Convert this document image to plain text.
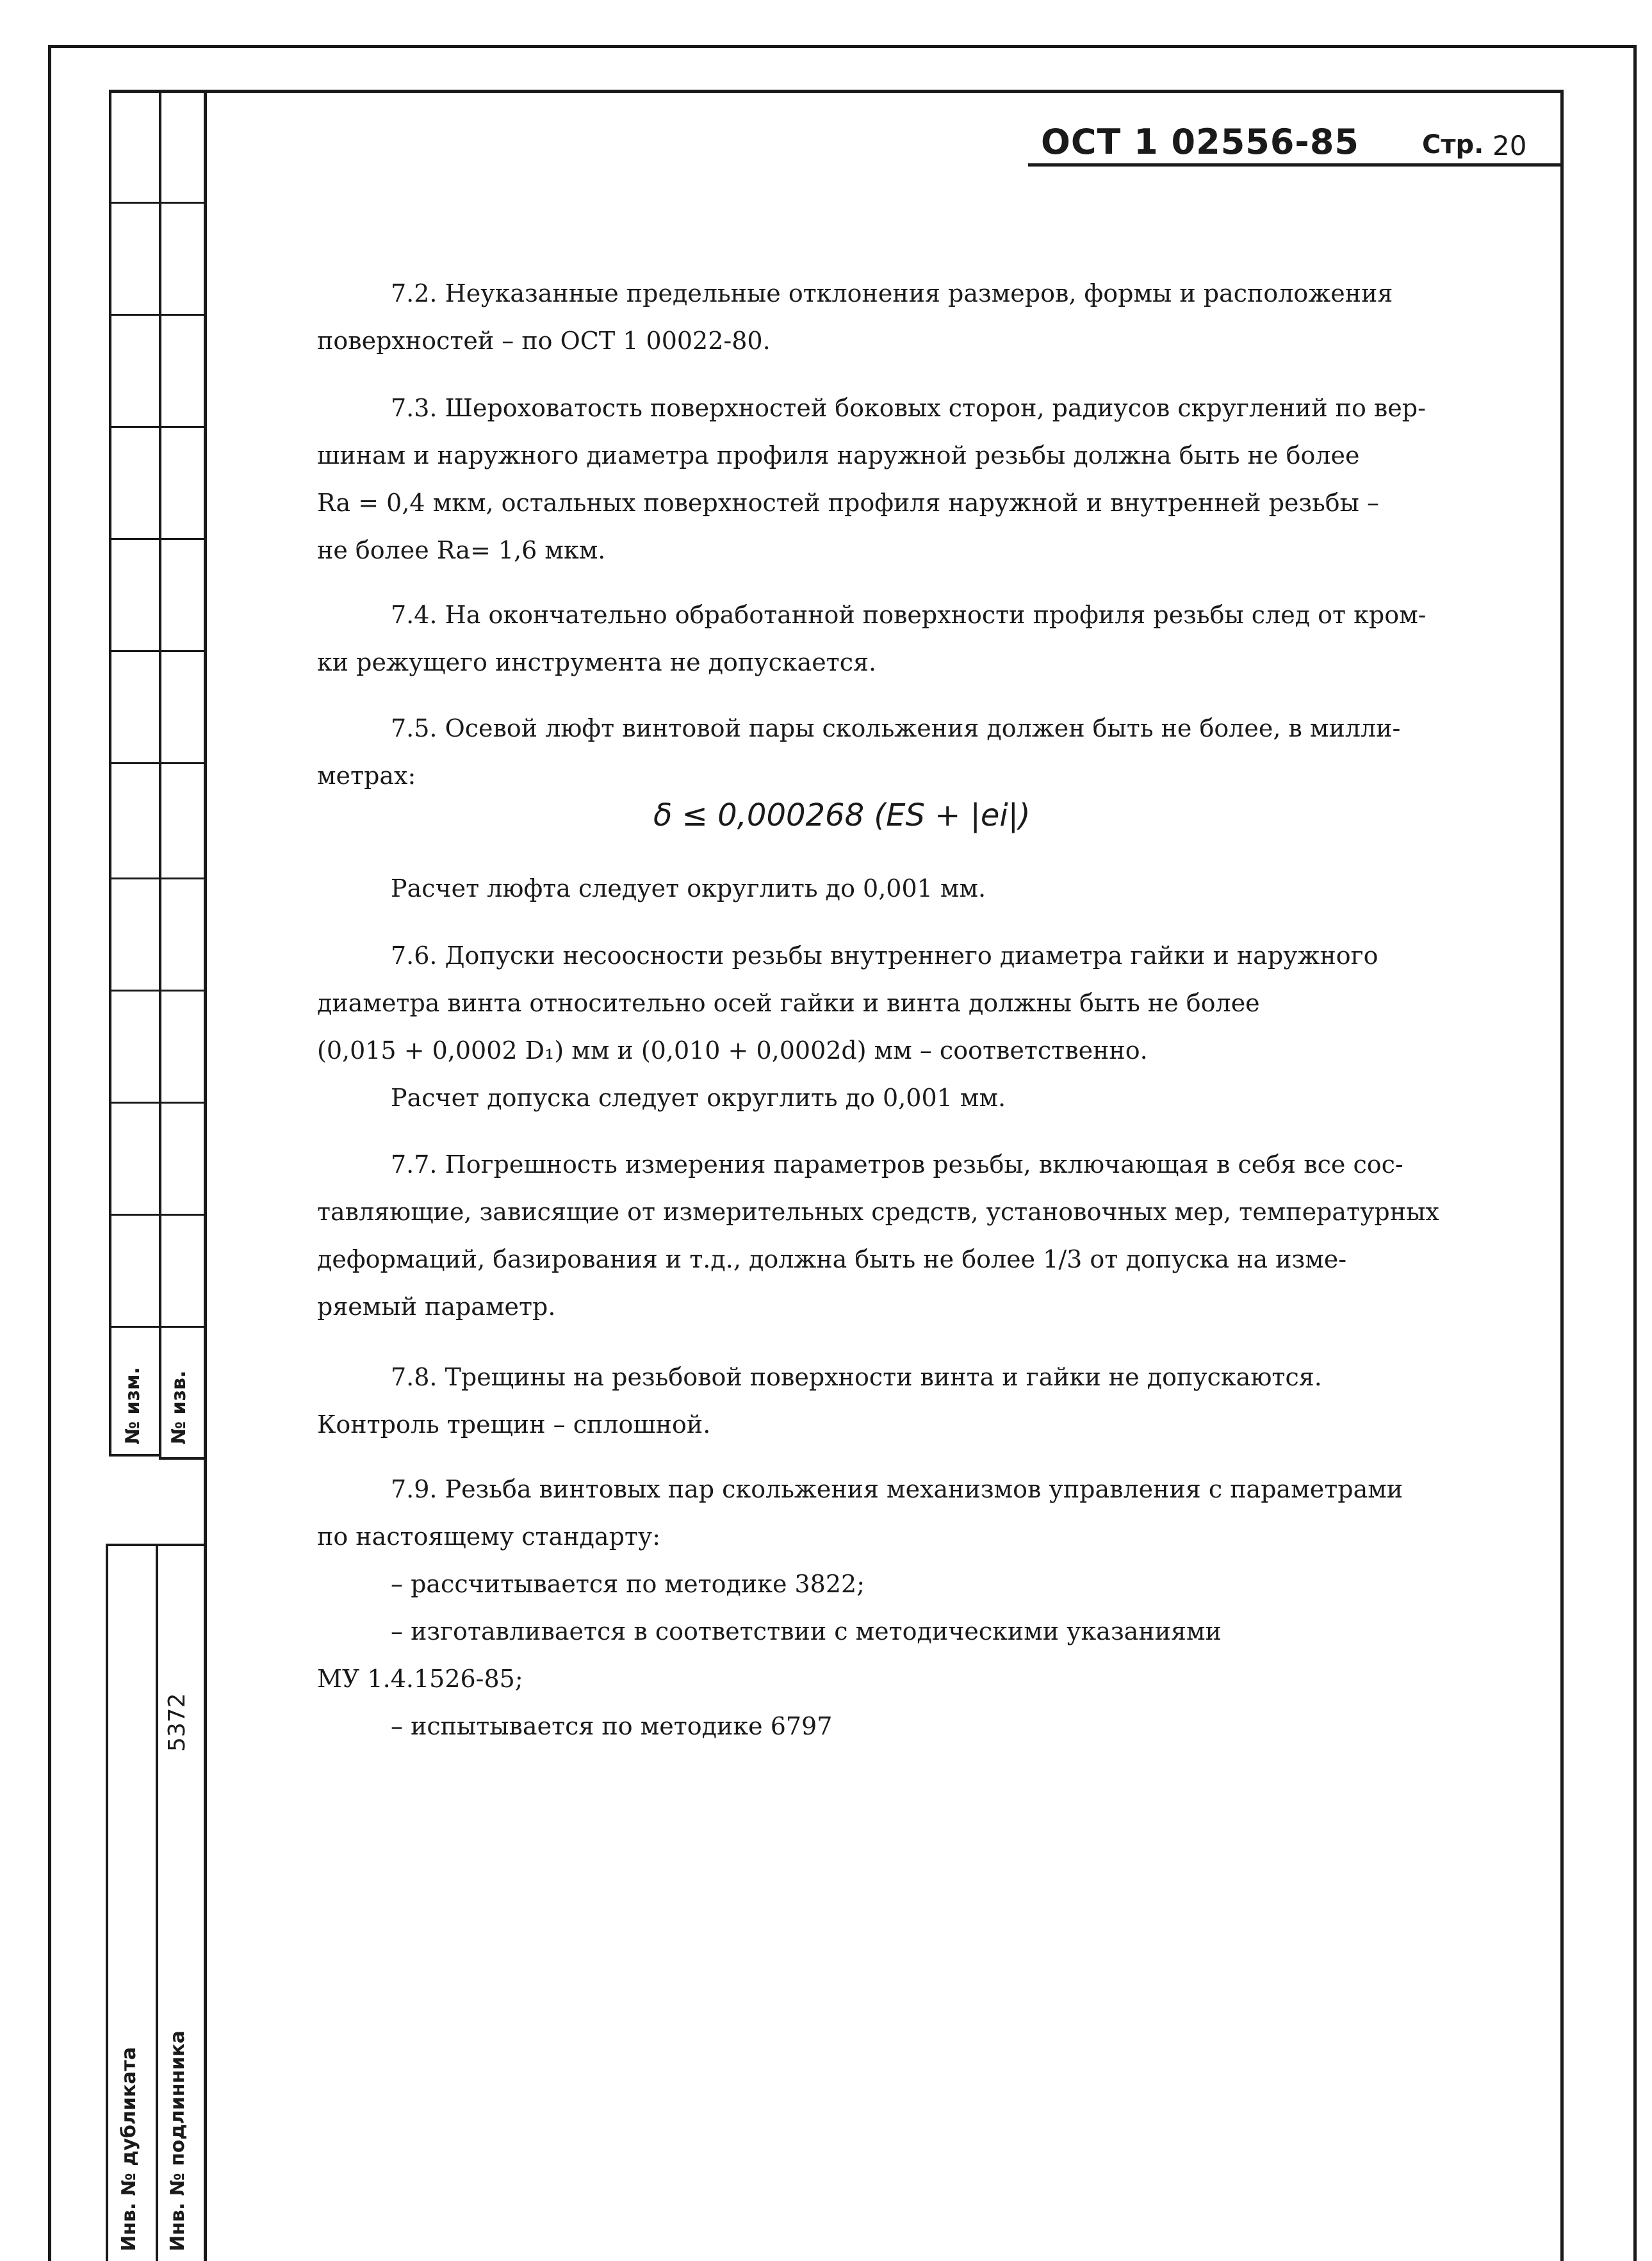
№ изм. № изв.
5372
Инв. № дубликата Инв. № подлинника
ОСТ 1 02556-85 Стр. 20
7.2. Неуказанные предельные отклонения размеров, формы и расположения
поверхностей – по ОСТ 1 00022-80.
7.3. Шероховатость поверхностей боковых сторон, радиусов скруглений по вер-
шинам и наружного диаметра профиля наружной резьбы должна быть не более
Ra = 0,4 мкм, остальных поверхностей профиля наружной и внутренней резьбы –
не более Ra= 1,6 мкм.
7.4. На окончательно обработанной поверхности профиля резьбы след от кром-
ки режущего инструмента не допускается.
7.5. Осевой люфт винтовой пары скольжения должен быть не более, в милли-
метрах:
δ ≤ 0,000268 (ES + |ei|)
Расчет люфта следует округлить до 0,001 мм.
7.6. Допуски несоосности резьбы внутреннего диаметра гайки и наружного
диаметра винта относительно осей гайки и винта должны быть не более
(0,015 + 0,0002 D₁) мм и (0,010 + 0,0002d) мм – соответственно.
Расчет допуска следует округлить до 0,001 мм.
7.7. Погрешность измерения параметров резьбы, включающая в себя все сос-
тавляющие, зависящие от измерительных средств, установочных мер, температурных
деформаций, базирования и т.д., должна быть не более 1/3 от допуска на изме-
ряемый параметр.
7.8. Трещины на резьбовой поверхности винта и гайки не допускаются.
Контроль трещин – сплошной.
7.9. Резьба винтовых пар скольжения механизмов управления с параметрами
по настоящему стандарту:
– рассчитывается по методике 3822;
– изготавливается в соответствии с методическими указаниями
МУ 1.4.1526-85;
– испытывается по методике 6797
